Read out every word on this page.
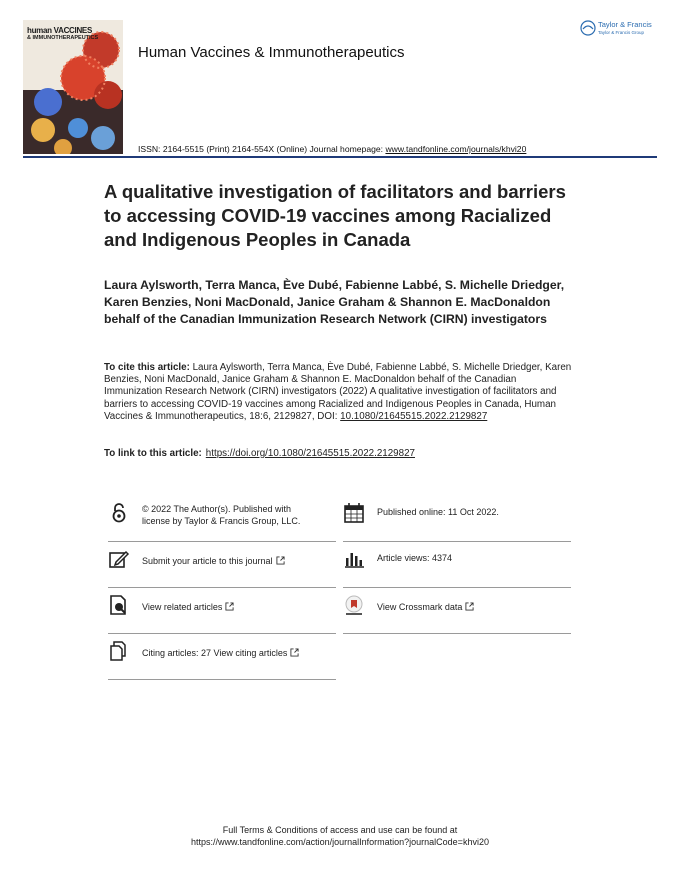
human VACCINES
& IMMUNOTHERAPEUTICS
Taylor & Francis
Taylor & Francis Group
Human Vaccines & Immunotherapeutics
ISSN: 2164-5515 (Print) 2164-554X (Online) Journal homepage: www.tandfonline.com/journals/khvi20
A qualitative investigation of facilitators and barriers to accessing COVID-19 vaccines among Racialized and Indigenous Peoples in Canada
Laura Aylsworth, Terra Manca, Ève Dubé, Fabienne Labbé, S. Michelle Driedger, Karen Benzies, Noni MacDonald, Janice Graham & Shannon E. MacDonaldon behalf of the Canadian Immunization Research Network (CIRN) investigators
To cite this article: Laura Aylsworth, Terra Manca, Ève Dubé, Fabienne Labbé, S. Michelle Driedger, Karen Benzies, Noni MacDonald, Janice Graham & Shannon E. MacDonaldon behalf of the Canadian Immunization Research Network (CIRN) investigators (2022) A qualitative investigation of facilitators and barriers to accessing COVID-19 vaccines among Racialized and Indigenous Peoples in Canada, Human Vaccines & Immunotherapeutics, 18:6, 2129827, DOI: 10.1080/21645515.2022.2129827
To link to this article: https://doi.org/10.1080/21645515.2022.2129827
© 2022 The Author(s). Published with
license by Taylor & Francis Group, LLC.
Published online: 11 Oct 2022.
Submit your article to this journal	Article views: 4374
View related articles	View Crossmark data
Citing articles: 27 View citing articles
Full Terms & Conditions of access and use can be found at
https://www.tandfonline.com/action/journalInformation?journalCode=khvi20
